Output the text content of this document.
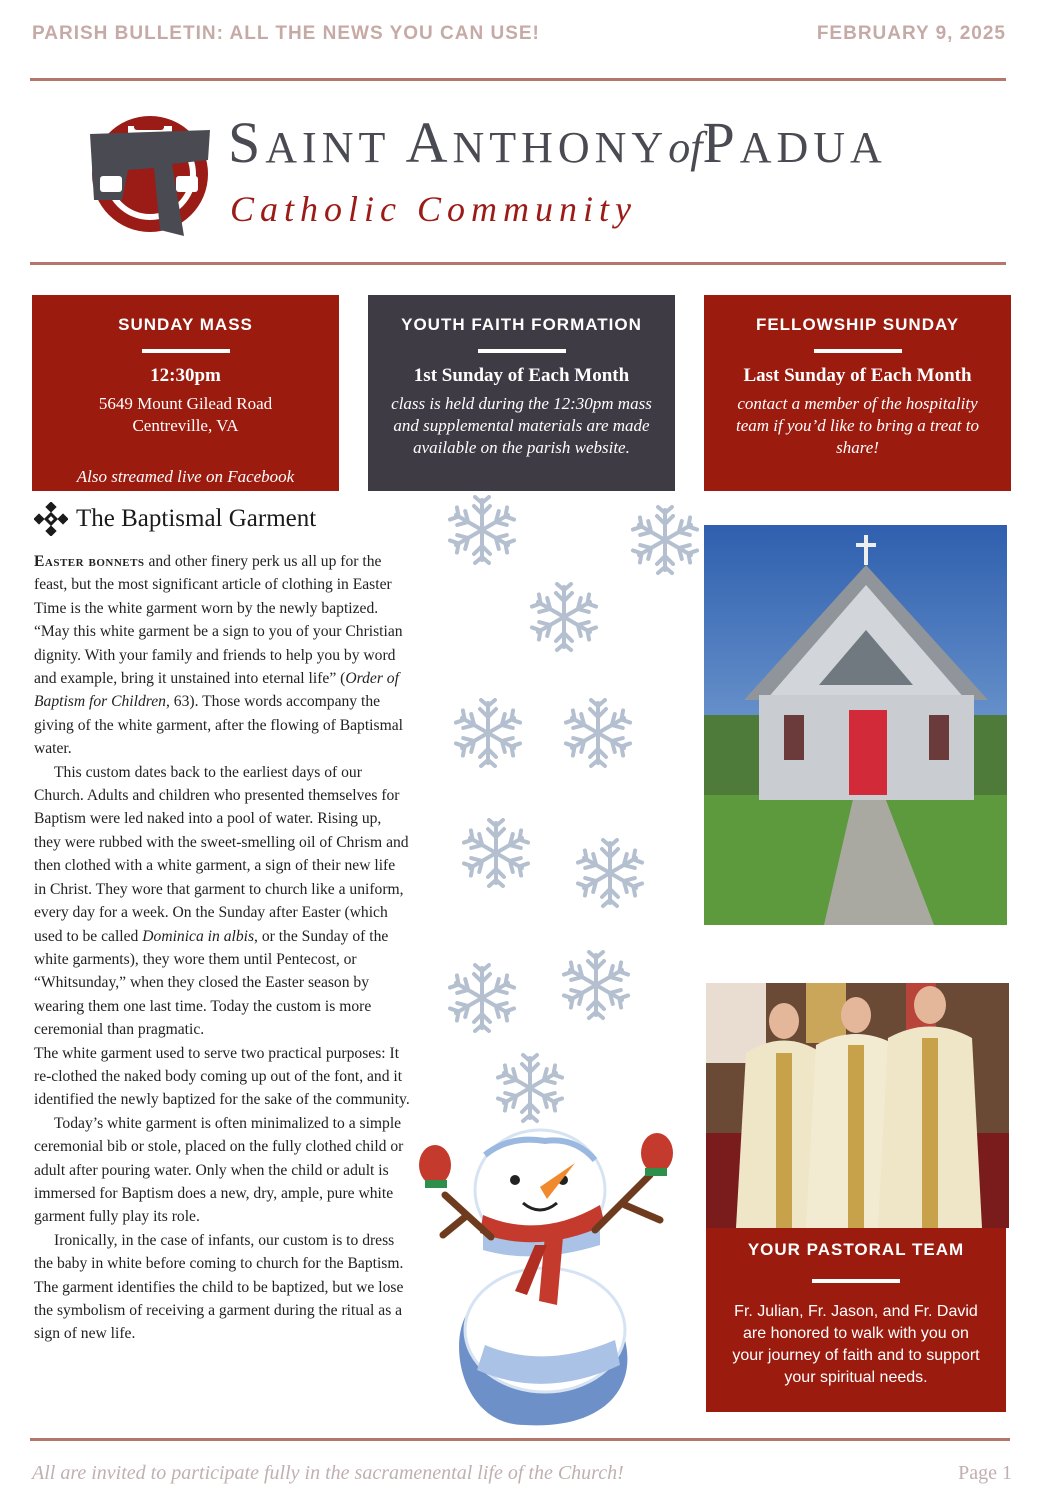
PARISH BULLETIN: ALL THE NEWS YOU CAN USE!	FEBRUARY 9, 2025
SAINT ANTHONYofPADUA
Catholic Community
SUNDAY MASS
12:30pm
5649 Mount Gilead Road
Centreville, VA
Also streamed live on Facebook
YOUTH FAITH FORMATION
1st Sunday of Each Month
class is held during the 12:30pm mass and supplemental materials are made available on the parish website.
FELLOWSHIP SUNDAY
Last Sunday of Each Month
contact a member of the hospitality team if you’d like to bring a treat to share!
The Baptismal Garment

Easter bonnets and other finery perk us all up for the feast, but the most significant article of clothing in Easter Time is the white garment worn by the newly baptized. “May this white garment be a sign to you of your Christian dignity. With your family and friends to help you by word and example, bring it unstained into eternal life” (Order of Baptism for Children, 63). Those words accompany the giving of the white garment, after the flowing of Baptismal water.

This custom dates back to the earliest days of our Church. Adults and children who presented themselves for Baptism were led naked into a pool of water. Rising up, they were rubbed with the sweet-smelling oil of Chrism and then clothed with a white garment, a sign of their new life in Christ. They wore that garment to church like a uniform, every day for a week. On the Sunday after Easter (which used to be called Dominica in albis, or the Sunday of the white garments), they wore them until Pentecost, or “Whitsunday,” when they closed the Easter season by wearing them one last time. Today the custom is more ceremonial than pragmatic.

The white garment used to serve two practical purposes: It re-clothed the naked body coming up out of the font, and it identified the newly baptized for the sake of the community.

Today’s white garment is often minimalized to a simple ceremonial bib or stole, placed on the fully clothed child or adult after pouring water. Only when the child or adult is immersed for Baptism does a new, dry, ample, pure white garment fully play its role.

Ironically, in the case of infants, our custom is to dress the baby in white before coming to church for the Baptism. The garment identifies the child to be baptized, but we lose the symbolism of receiving a garment during the ritual as a sign of new life.

YOUR PASTORAL TEAM

Fr. Julian, Fr. Jason, and Fr. David are honored to walk with you on your journey of faith and to support your spiritual needs.

All are invited to participate fully in the sacramenental life of the Church!	Page 1
